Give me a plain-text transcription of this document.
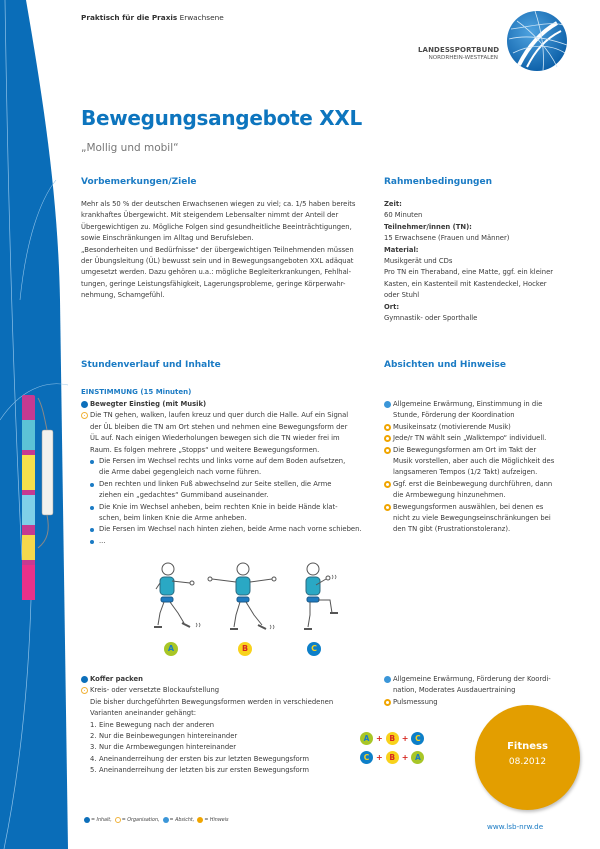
Praktisch für die Praxis Erwachsene
LANDESSPORTBUND
NORDRHEIN-WESTFALEN
Bewegungsangebote XXL
„Mollig und mobil“
Vorbemerkungen/Ziele

Mehr als 50 % der deutschen Erwachsenen wiegen zu viel; ca. 1/5 haben bereits

krankhaftes Übergewicht. Mit steigendem Lebensalter nimmt der Anteil der

Übergewichtigen zu. Mögliche Folgen sind gesundheitliche Beeinträchtigungen,

sowie Einschränkungen im Alltag und Berufsleben.

„Besonderheiten und Bedürfnisse“ der übergewichtigen Teilnehmenden müssen

der Übungsleitung (ÜL) bewusst sein und in Bewegungsangeboten XXL adäquat

umgesetzt werden. Dazu gehören u.a.: mögliche Begleiterkrankungen, Fehlhal-

tungen, geringe Leistungsfähigkeit, Lagerungsprobleme, geringe Körperwahr-

nehmung, Schamgefühl.

Rahmenbedingungen

Zeit:

60 Minuten

Teilnehmer/innen (TN):

15 Erwachsene (Frauen und Männer)

Material:

Musikgerät und CDs

Pro TN ein Theraband, eine Matte, ggf. ein kleiner

Kasten, ein Kastenteil mit Kastendeckel, Hocker

oder Stuhl

Ort:

Gymnastik- oder Sporthalle

Stundenverlauf und Inhalte
EINSTIMMUNG (15 Minuten)
Bewegter Einstieg (mit Musik)

Die TN gehen, walken, laufen kreuz und quer durch die Halle. Auf ein Signal

der ÜL bleiben die TN am Ort stehen und nehmen eine Bewegungsform der

ÜL auf. Nach einigen Wiederholungen bewegen sich die TN wieder frei im

Raum. Es folgen mehrere „Stopps“ und weitere Bewegungsformen.

Die Fersen im Wechsel rechts und links vorne auf dem Boden aufsetzen,

die Arme dabei gegengleich nach vorne führen.

Den rechten und linken Fuß abwechselnd zur Seite stellen, die Arme

ziehen ein „gedachtes“ Gummiband auseinander.

Die Knie im Wechsel anheben, beim rechten Knie in beide Hände klat-

schen, beim linken Knie die Arme anheben.

Die Fersen im Wechsel nach hinten ziehen, beide Arme nach vorne schieben.

...

A	B	C
Koffer packen

Kreis- oder versetzte Blockaufstellung

Die bisher durchgeführten Bewegungsformen werden in verschiedenen

Varianten aneinander gehängt:

1. Eine Bewegung nach der anderen
2. Nur die Beinbewegungen hintereinander
3. Nur die Armbewegungen hintereinander
4. Aneinanderreihung der ersten bis zur letzten Bewegungsform
5. Aneinanderreihung der letzten bis zur ersten Bewegungsform
Absichten und Hinweise

Allgemeine Erwärmung, Einstimmung in die

Stunde, Förderung der Koordination

Musikeinsatz (motivierende Musik)

Jede/r TN wählt sein „Walktempo“ individuell.

Die Bewegungsformen am Ort im Takt der

Musik vorstellen, aber auch die Möglichkeit des

langsameren Tempos (1/2 Takt) aufzeigen.

Ggf. erst die Beinbewegung durchführen, dann

die Armbewegung hinzunehmen.

Bewegungsformen auswählen, bei denen es

nicht zu viele Bewegungseinschränkungen bei

den TN gibt (Frustrationstoleranz).

Allgemeine Erwärmung, Förderung der Koordi-

nation, Moderates Ausdauertraining

Pulsmessung

A + B + C
C + B + A
Fitness
08.2012
= Inhalt, = Organisation, = Absicht, = Hinweis
www.lsb-nrw.de
